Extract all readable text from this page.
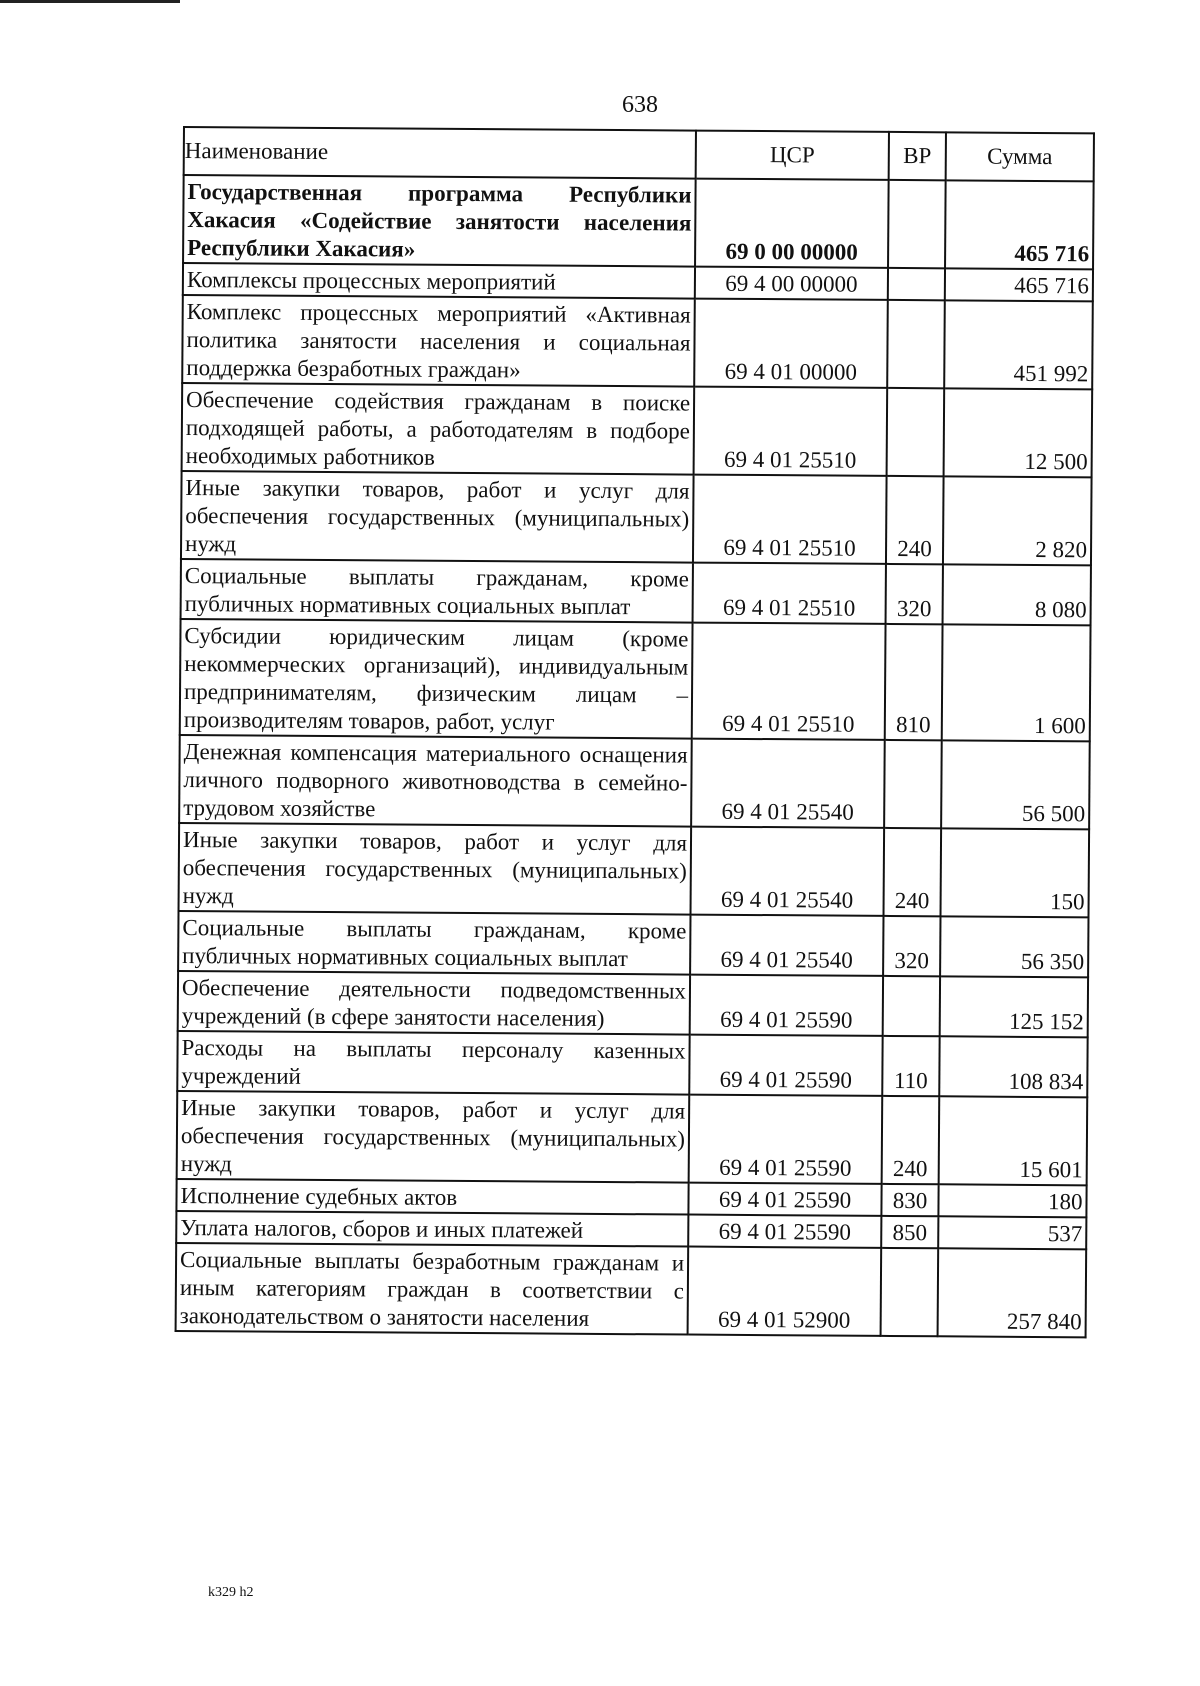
638
Наименование	ЦСР	ВР	Сумма
Государственная программа Республики Хакасия «Содействие занятости населения Республики Хакасия»	69 0 00 00000		465 716
Комплексы процессных мероприятий	69 4 00 00000		465 716
Комплекс процессных мероприятий «Активная политика занятости населения и социальная поддержка безработных граждан»	69 4 01 00000		451 992
Обеспечение содействия гражданам в поиске подходящей работы, а работодателям в подборе необходимых работников	69 4 01 25510		12 500
Иные закупки товаров, работ и услуг для обеспечения государственных (муниципальных) нужд	69 4 01 25510	240	2 820
Социальные выплаты гражданам, кроме публичных нормативных социальных выплат	69 4 01 25510	320	8 080
Субсидии юридическим лицам (кроме некоммерческих организаций), индивидуальным предпринимателям, физическим лицам – производителям товаров, работ, услуг	69 4 01 25510	810	1 600
Денежная компенсация материального оснащения личного подворного животноводства в семейно-трудовом хозяйстве	69 4 01 25540		56 500
Иные закупки товаров, работ и услуг для обеспечения государственных (муниципальных) нужд	69 4 01 25540	240	150
Социальные выплаты гражданам, кроме публичных нормативных социальных выплат	69 4 01 25540	320	56 350
Обеспечение деятельности подведомственных учреждений (в сфере занятости населения)	69 4 01 25590		125 152
Расходы на выплаты персоналу казенных учреждений	69 4 01 25590	110	108 834
Иные закупки товаров, работ и услуг для обеспечения государственных (муниципальных) нужд	69 4 01 25590	240	15 601
Исполнение судебных актов	69 4 01 25590	830	180
Уплата налогов, сборов и иных платежей	69 4 01 25590	850	537
Социальные выплаты безработным гражданам и иным категориям граждан в соответствии с законодательством о занятости населения	69 4 01 52900		257 840
k329 h2
